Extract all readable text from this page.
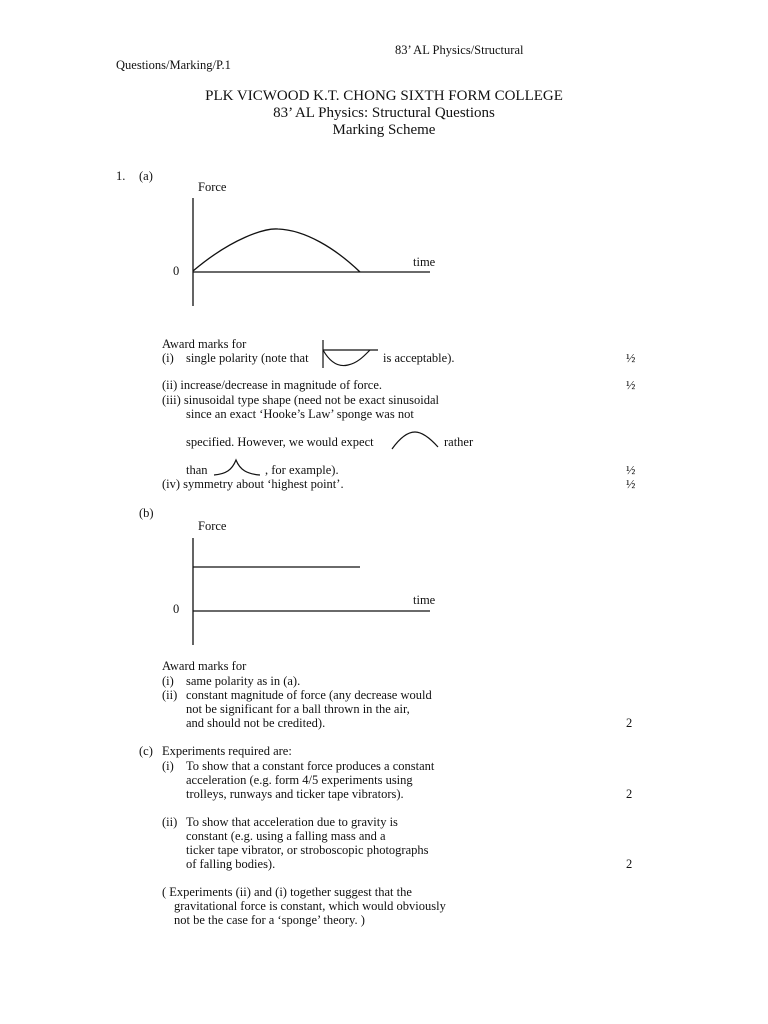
83’ AL Physics/Structural
Questions/Marking/P.1
PLK VICWOOD K.T. CHONG SIXTH FORM COLLEGE
83’ AL Physics: Structural Questions
Marking Scheme
1. (a)
Force
time
0
Award marks for
(i) single polarity (note that	is acceptable).	½
(ii) increase/decrease in magnitude of force.	½
(iii) sinusoidal type shape (need not be exact sinusoidal
since an exact ‘Hooke’s Law’ sponge was not
specified. However, we would expect	rather
than	, for example).	½
(iv) symmetry about ‘highest point’.	½
(b)
Force
time
0
Award marks for
(i) same polarity as in (a).
(ii) constant magnitude of force (any decrease would
not be significant for a ball thrown in the air,
and should not be credited).	2
(c) Experiments required are:
(i) To show that a constant force produces a constant
acceleration (e.g. form 4/5 experiments using
trolleys, runways and ticker tape vibrators).	2
(ii) To show that acceleration due to gravity is
constant (e.g. using a falling mass and a
ticker tape vibrator, or stroboscopic photographs
of falling bodies).	2
( Experiments (ii) and (i) together suggest that the
gravitational force is constant, which would obviously
not be the case for a ‘sponge’ theory. )
